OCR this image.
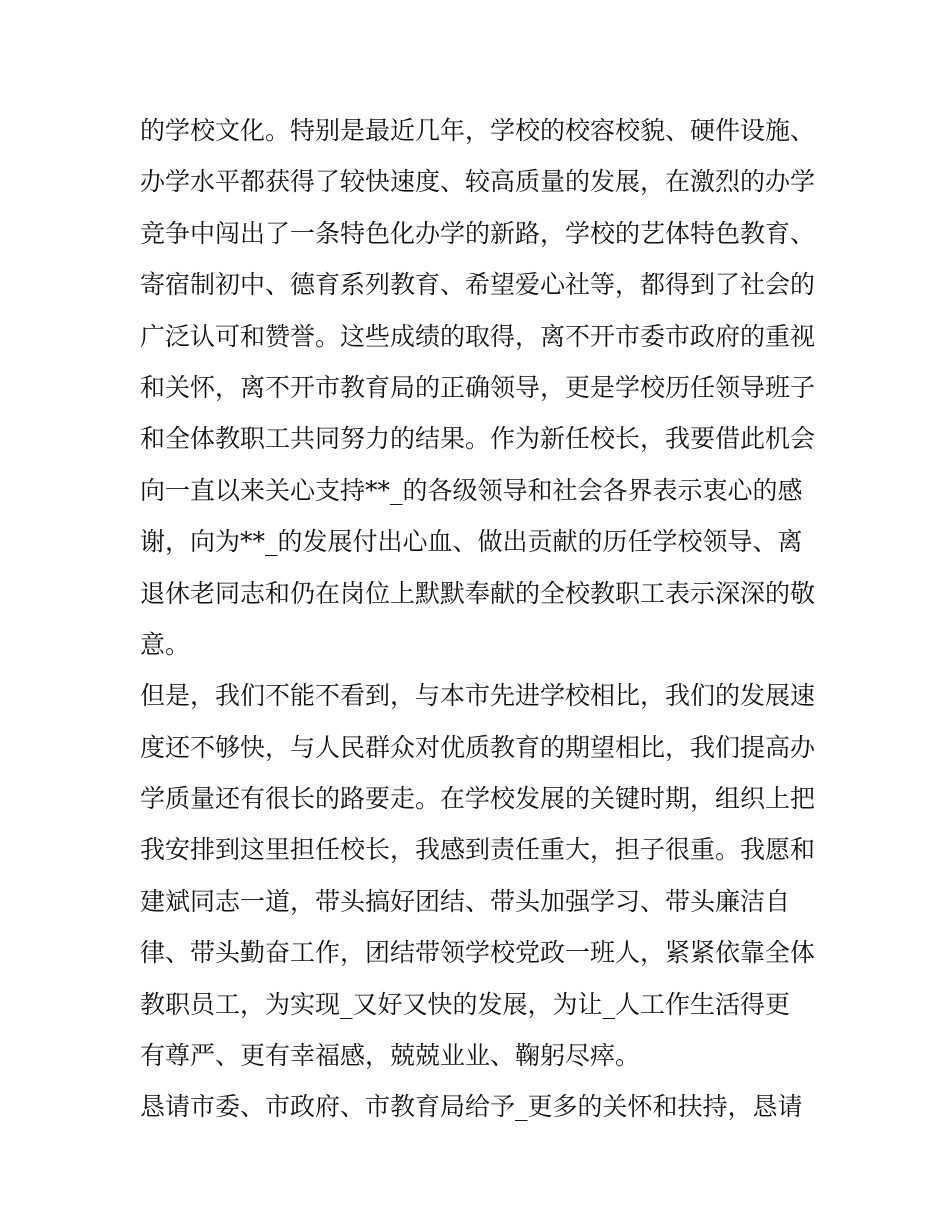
的学校文化。特别是最近几年，学校的校容校貌、硬件设施、
办学水平都获得了较快速度、较高质量的发展，在激烈的办学
竞争中闯出了一条特色化办学的新路，学校的艺体特色教育、
寄宿制初中、德育系列教育、希望爱心社等，都得到了社会的
广泛认可和赞誉。这些成绩的取得，离不开市委市政府的重视
和关怀，离不开市教育局的正确领导，更是学校历任领导班子
和全体教职工共同努力的结果。作为新任校长，我要借此机会
向一直以来关心支持**_的各级领导和社会各界表示衷心的感
谢，向为**_的发展付出心血、做出贡献的历任学校领导、离
退休老同志和仍在岗位上默默奉献的全校教职工表示深深的敬
意。
但是，我们不能不看到，与本市先进学校相比，我们的发展速
度还不够快，与人民群众对优质教育的期望相比，我们提高办
学质量还有很长的路要走。在学校发展的关键时期，组织上把
我安排到这里担任校长，我感到责任重大，担子很重。我愿和
建斌同志一道，带头搞好团结、带头加强学习、带头廉洁自
律、带头勤奋工作，团结带领学校党政一班人，紧紧依靠全体
教职员工，为实现_又好又快的发展，为让_人工作生活得更
有尊严、更有幸福感，兢兢业业、鞠躬尽瘁。
恳请市委、市政府、市教育局给予_更多的关怀和扶持，恳请
